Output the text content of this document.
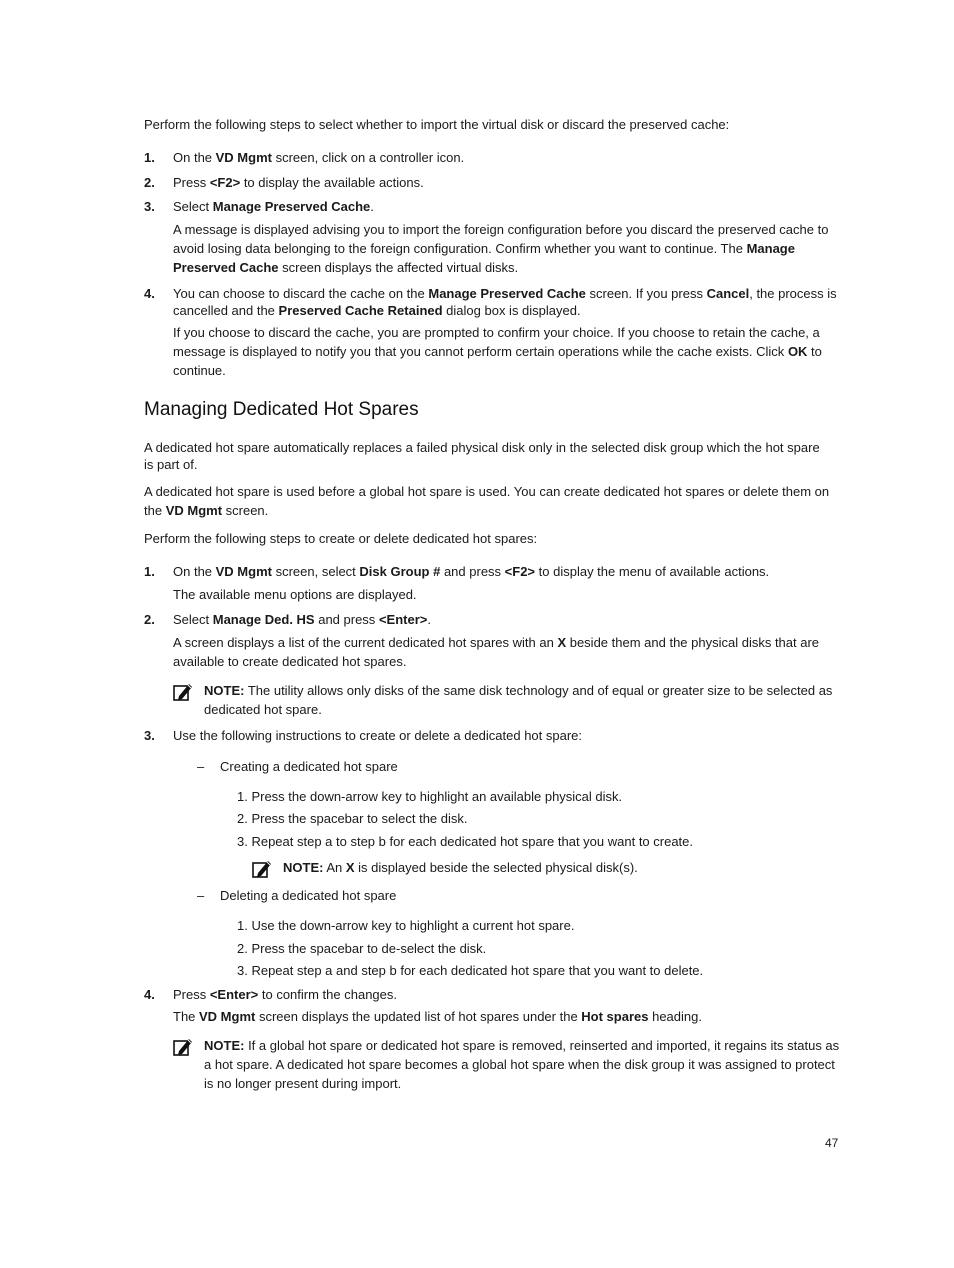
Perform the following steps to select whether to import the virtual disk or discard the preserved cache:

1.	On the VD Mgmt screen, click on a controller icon.
2.	Press <F2> to display the available actions.
3.	Select Manage Preserved Cache.

A message is displayed advising you to import the foreign configuration before you discard the preserved cache to

avoid losing data belonging to the foreign configuration. Confirm whether you want to continue. The Manage

Preserved Cache screen displays the affected virtual disks.

4.	You can choose to discard the cache on the Manage Preserved Cache screen. If you press Cancel, the process is

cancelled and the Preserved Cache Retained dialog box is displayed.

If you choose to discard the cache, you are prompted to confirm your choice. If you choose to retain the cache, a

message is displayed to notify you that you cannot perform certain operations while the cache exists. Click OK to

continue.

Managing Dedicated Hot Spares

A dedicated hot spare automatically replaces a failed physical disk only in the selected disk group which the hot spare

is part of.

A dedicated hot spare is used before a global hot spare is used. You can create dedicated hot spares or delete them on

the VD Mgmt screen.

Perform the following steps to create or delete dedicated hot spares:

1.	On the VD Mgmt screen, select Disk Group # and press <F2> to display the menu of available actions.

The available menu options are displayed.

2.	Select Manage Ded. HS and press <Enter>.

A screen displays a list of the current dedicated hot spares with an X beside them and the physical disks that are

available to create dedicated hot spares.

NOTE: The utility allows only disks of the same disk technology and of equal or greater size to be selected as

dedicated hot spare.

3.	Use the following instructions to create or delete a dedicated hot spare:
– Creating a dedicated hot spare

1. Press the down-arrow key to highlight an available physical disk.

2. Press the spacebar to select the disk.

3. Repeat step a to step b for each dedicated hot spare that you want to create.

NOTE: An X is displayed beside the selected physical disk(s).

– Deleting a dedicated hot spare

1. Use the down-arrow key to highlight a current hot spare.

2. Press the spacebar to de-select the disk.

3. Repeat step a and step b for each dedicated hot spare that you want to delete.

4.	Press <Enter> to confirm the changes.

The VD Mgmt screen displays the updated list of hot spares under the Hot spares heading.

NOTE: If a global hot spare or dedicated hot spare is removed, reinserted and imported, it regains its status as

a hot spare. A dedicated hot spare becomes a global hot spare when the disk group it was assigned to protect

is no longer present during import.

47
